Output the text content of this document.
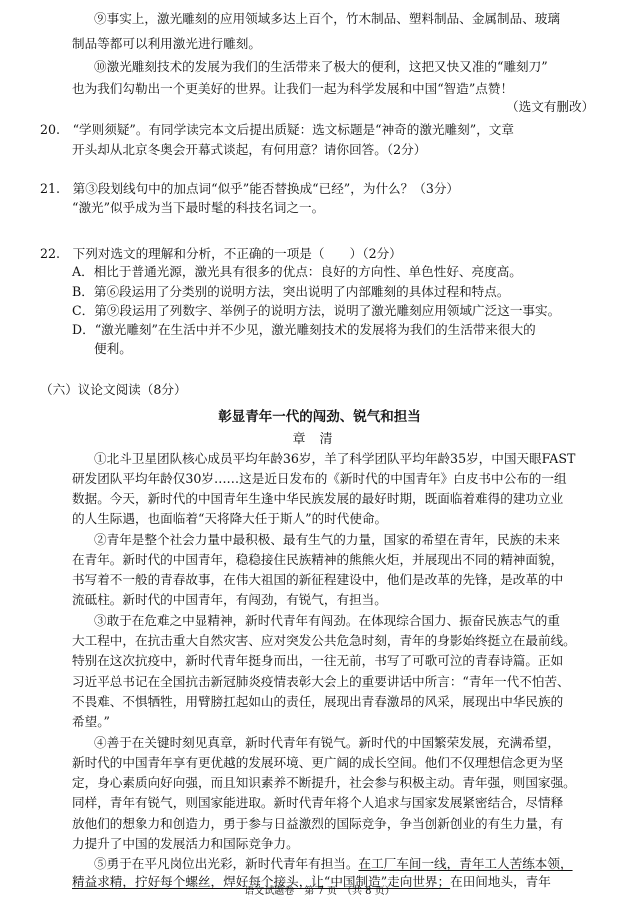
⑨事实上，激光雕刻的应用领域多达上百个，竹木制品、塑料制品、金属制品、玻璃
制品等都可以利用激光进行雕刻。
⑩激光雕刻技术的发展为我们的生活带来了极大的便利，这把又快又准的“雕刻刀”
也为我们勾勒出一个更美好的世界。让我们一起为科学发展和中国“智造”点赞！
（选文有删改）
20.　“学则须疑”。有同学读完本文后提出质疑：选文标题是“神奇的激光雕刻”，文章
开头却从北京冬奥会开幕式谈起，有何用意？请你回答。（2分）
21.　第③段划线句中的加点词“似乎”能否替换成“已经”，为什么？（3分）
“激光”似乎成为当下最时髦的科技名词之一。
22.　下列对选文的理解和分析，不正确的一项是（　　）（2分）
A．相比于普通光源，激光具有很多的优点：良好的方向性、单色性好、亮度高。
B．第⑥段运用了分类别的说明方法，突出说明了内部雕刻的具体过程和特点。
C．第⑨段运用了列数字、举例子的说明方法，说明了激光雕刻应用领域广泛这一事实。
D．“激光雕刻”在生活中并不少见，激光雕刻技术的发展将为我们的生活带来很大的
便利。
（六）议论文阅读（8分）
彰显青年一代的闯劲、锐气和担当
章清
①北斗卫星团队核心成员平均年龄36岁，羊了科学团队平均年龄35岁，中国天眼FAST
研发团队平均年龄仅30岁……这是近日发布的《新时代的中国青年》白皮书中公布的一组
数据。今天，新时代的中国青年生逢中华民族发展的最好时期，既面临着难得的建功立业
的人生际遇，也面临着“天将降大任于斯人”的时代使命。
②青年是整个社会力量中最积极、最有生气的力量，国家的希望在青年，民族的未来
在青年。新时代的中国青年，稳稳接住民族精神的熊熊火炬，并展现出不同的精神面貌，
书写着不一般的青春故事，在伟大祖国的新征程建设中，他们是改革的先锋，是改革的中
流砥柱。新时代的中国青年，有闯劲，有锐气，有担当。
③敢于在危难之中显精神，新时代青年有闯劲。在体现综合国力、振奋民族志气的重
大工程中，在抗击重大自然灾害、应对突发公共危急时刻，青年的身影始终挺立在最前线。
特别在这次抗疫中，新时代青年挺身而出，一往无前，书写了可歌可泣的青春诗篇。正如
习近平总书记在全国抗击新冠肺炎疫情表彰大会上的重要讲话中所言：“青年一代不怕苦、
不畏难、不惧牺牲，用臂膀扛起如山的责任，展现出青春激昂的风采，展现出中华民族的
希望。”
④善于在关键时刻见真章，新时代青年有锐气。新时代的中国繁荣发展，充满希望，
新时代的中国青年享有更优越的发展环境、更广阔的成长空间。他们不仅理想信念更为坚
定，身心素质向好向强，而且知识素养不断提升，社会参与积极主动。青年强，则国家强。
同样，青年有锐气，则国家能进取。新时代青年将个人追求与国家发展紧密结合，尽情释
放他们的想象力和创造力，勇于参与日益激烈的国际竞争，争当创新创业的有生力量，有
力提升了中国的发展活力和国际竞争力。
⑤勇于在平凡岗位出光彩，新时代青年有担当。在工厂车间一线，青年工人苦练本领，
精益求精，拧好每个螺丝，焊好每个接头，让“中国制造”走向世界；在田间地头，青年
语文试题卷　第 7 页　（共 8 页）
